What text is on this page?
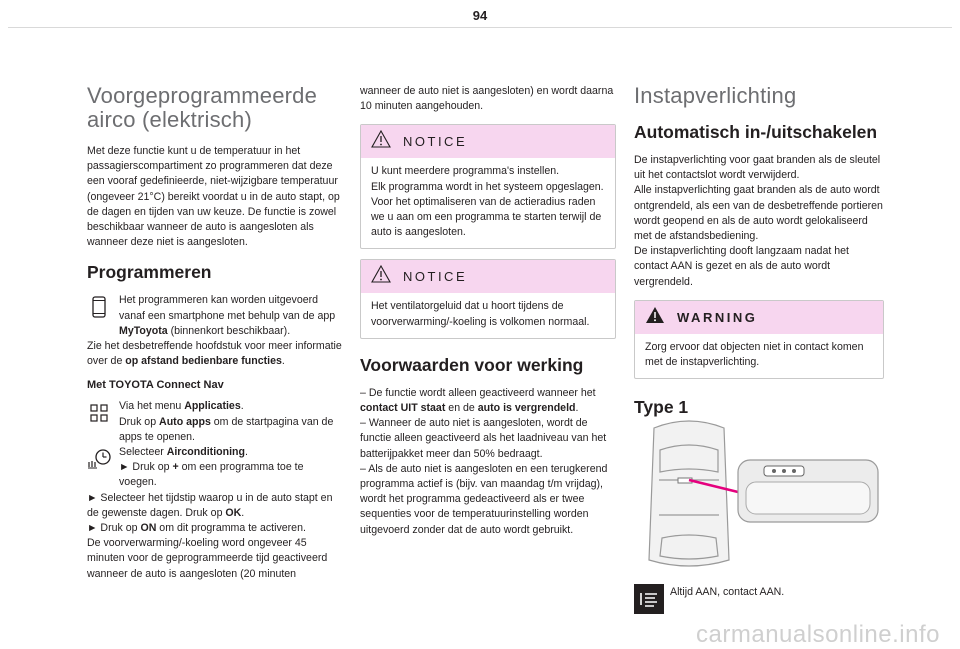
94
Voorgeprogrammeerde
airco (elektrisch)

Met deze functie kunt u de temperatuur in het passagierscompartiment zo programmeren dat deze een vooraf gedefinieerde, niet-wijzigbare temperatuur (ongeveer 21°C) bereikt voordat u in de auto stapt, op de dagen en tijden van uw keuze. De functie is zowel beschikbaar wanneer de auto is aangesloten als wanneer deze niet is aangesloten.

Programmeren

Het programmeren kan worden uitgevoerd vanaf een smartphone met behulp van de app MyToyota (binnenkort beschikbaar).

Zie het desbetreffende hoofdstuk voor meer informatie over de op afstand bedienbare functies.

Met TOYOTA Connect Nav

Via het menu Applicaties.
Druk op Auto apps om de startpagina van de apps te openen.

Selecteer Airconditioning.
► Druk op + om een programma toe te voegen.

► Selecteer het tijdstip waarop u in de auto stapt en de gewenste dagen. Druk op OK.

► Druk op ON om dit programma te activeren.

De voorverwarming/-koeling word ongeveer 45 minuten voor de geprogrammeerde tijd geactiveerd wanneer de auto is aangesloten (20 minuten

wanneer de auto niet is aangesloten) en wordt daarna 10 minuten aangehouden.

NOTICE
U kunt meerdere programma's instellen.
Elk programma wordt in het systeem opgeslagen.
Voor het optimaliseren van de actieradius raden we u aan om een programma te starten terwijl de auto is aangesloten.
NOTICE
Het ventilatorgeluid dat u hoort tijdens de voorverwarming/-koeling is volkomen normaal.
Voorwaarden voor werking

– De functie wordt alleen geactiveerd wanneer het contact UIT staat en de auto is vergrendeld.

– Wanneer de auto niet is aangesloten, wordt de functie alleen geactiveerd als het laadniveau van het batterijpakket meer dan 50% bedraagt.

– Als de auto niet is aangesloten en een terugkerend programma actief is (bijv. van maandag t/m vrijdag), wordt het programma gedeactiveerd als er twee sequenties voor de temperatuurinstelling worden uitgevoerd zonder dat de auto wordt gebruikt.

Instapverlichting
Automatisch in-/uitschakelen

De instapverlichting voor gaat branden als de sleutel uit het contactslot wordt verwijderd.

Alle instapverlichting gaat branden als de auto wordt ontgrendeld, als een van de desbetreffende portieren wordt geopend en als de auto wordt gelokaliseerd met de afstandsbediening.

De instapverlichting dooft langzaam nadat het contact AAN is gezet en als de auto wordt vergrendeld.

WARNING
Zorg ervoor dat objecten niet in contact komen met de instapverlichting.
Type 1
Altijd AAN, contact AAN.
carmanualsonline.info
